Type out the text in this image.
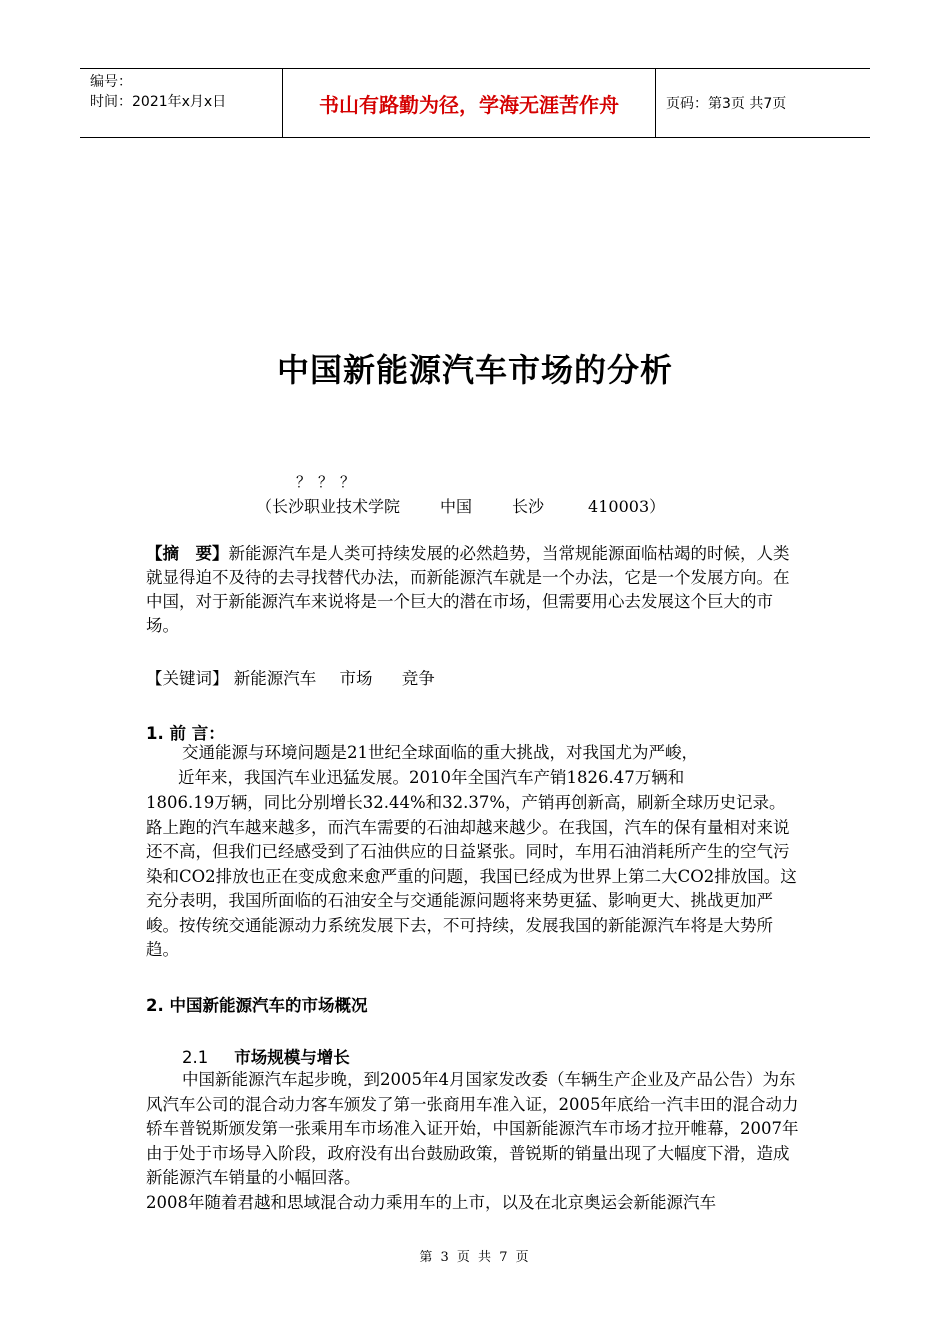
编号：
时间：2021年x月x日	书山有路勤为径，学海无涯苦作舟	页码：第3页 共7页
中国新能源汽车市场的分析
？？？
（长沙职业技术学院	中国	长沙	410003）

【摘　要】新能源汽车是人类可持续发展的必然趋势，当常规能源面临枯竭的时候，人类就显得迫不及待的去寻找替代办法，而新能源汽车就是一个办法，它是一个发展方向。在中国，对于新能源汽车来说将是一个巨大的潜在市场，但需要用心去发展这个巨大的市场。

【关键词】 新能源汽车 市场 竞争
1. 前 言：
交通能源与环境问题是21世纪全球面临的重大挑战，对我国尤为严峻，
近年来，我国汽车业迅猛发展。2010年全国汽车产销1826.47万辆和

1806.19万辆，同比分别增长32.44%和32.37%，产销再创新高，刷新全球历史记录。路上跑的汽车越来越多，而汽车需要的石油却越来越少。在我国，汽车的保有量相对来说还不高，但我们已经感受到了石油供应的日益紧张。同时，车用石油消耗所产生的空气污染和CO2排放也正在变成愈来愈严重的问题，我国已经成为世界上第二大CO2排放国。这充分表明，我国所面临的石油安全与交通能源问题将来势更猛、影响更大、挑战更加严峻。按传统交通能源动力系统发展下去，不可持续，发展我国的新能源汽车将是大势所趋。

2. 中国新能源汽车的市场概况
2.1 市场规模与增长

中国新能源汽车起步晚，到2005年4月国家发改委（车辆生产企业及产品公告）为东风汽车公司的混合动力客车颁发了第一张商用车准入证，2005年底给一汽丰田的混合动力轿车普锐斯颁发第一张乘用车市场准入证开始，中国新能源汽车市场才拉开帷幕，2007年由于处于市场导入阶段，政府没有出台鼓励政策，普锐斯的销量出现了大幅度下滑，造成新能源汽车销量的小幅回落。

2008年随着君越和思域混合动力乘用车的上市，以及在北京奥运会新能源汽车

第 3 页 共 7 页
